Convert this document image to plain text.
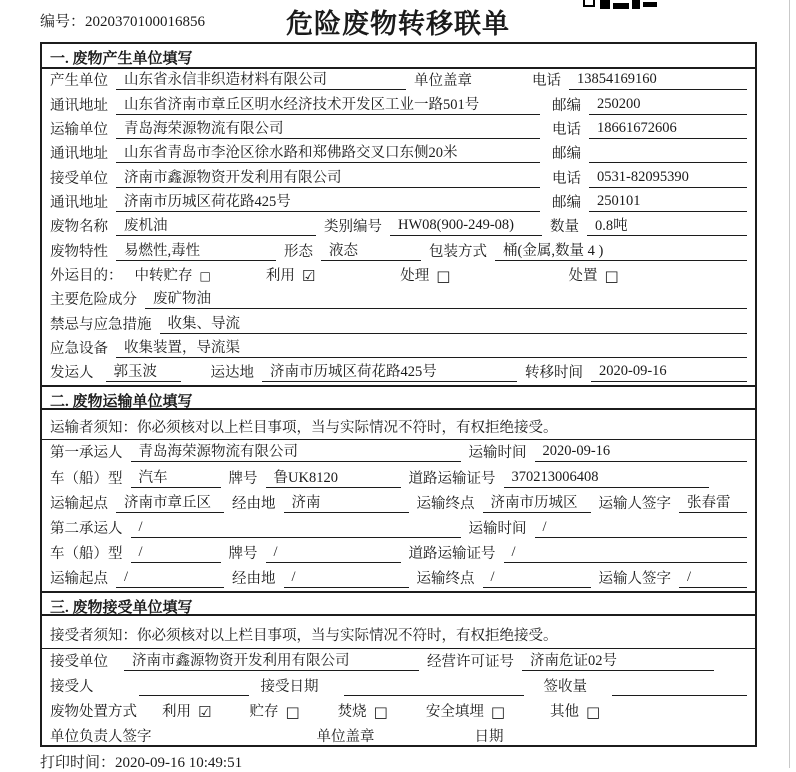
编号：2020370100016856	危险废物转移联单
一. 废物产生单位填写
产生单位	山东省永信非织造材料有限公司	单位盖章	电话	13854169160
通讯地址	山东省济南市章丘区明水经济技术开发区工业一路501号	邮编	250200
运输单位	青岛海荣源物流有限公司	电话	18661672606
通讯地址	山东省青岛市李沧区徐水路和郑佛路交叉口东侧20米	邮编
接受单位	济南市鑫源物资开发利用有限公司	电话	0531-82095390
通讯地址	济南市历城区荷花路425号	邮编	250101
废物名称	废机油	类别编号	HW08(900-249-08)	数量	0.8吨
废物特性	易燃性,毒性	形态	液态	包装方式	桶(金属,数量 4 )
外运目的： 中转贮存 □	利用 ☑	处理 □	处置 □
主要危险成分	废矿物油
禁忌与应急措施	收集、导流
应急设备	收集装置，导流渠
发运人	郭玉波	运达地	济南市历城区荷花路425号	转移时间	2020-09-16
二. 废物运输单位填写
运输者须知：你必须核对以上栏目事项，当与实际情况不符时，有权拒绝接受。
第一承运人	青岛海荣源物流有限公司	运输时间	2020-09-16
车（船）型	汽车	牌号	鲁UK8120	道路运输证号	370213006408
运输起点	济南市章丘区	经由地	济南	运输终点	济南市历城区	运输人签字	张春雷
第二承运人	/	运输时间	/
车（船）型	/	牌号	/	道路运输证号	/
运输起点	/	经由地	/	运输终点	/	运输人签字	/
三. 废物接受单位填写
接受者须知：你必须核对以上栏目事项，当与实际情况不符时，有权拒绝接受。
接受单位	济南市鑫源物资开发利用有限公司	经营许可证号	济南危证02号
接受人	接受日期	签收量
废物处置方式 利用 ☑	贮存 □	焚烧 □	安全填埋 □	其他 □
单位负责人签字	单位盖章	日期
打印时间：2020-09-16 10:49:51
